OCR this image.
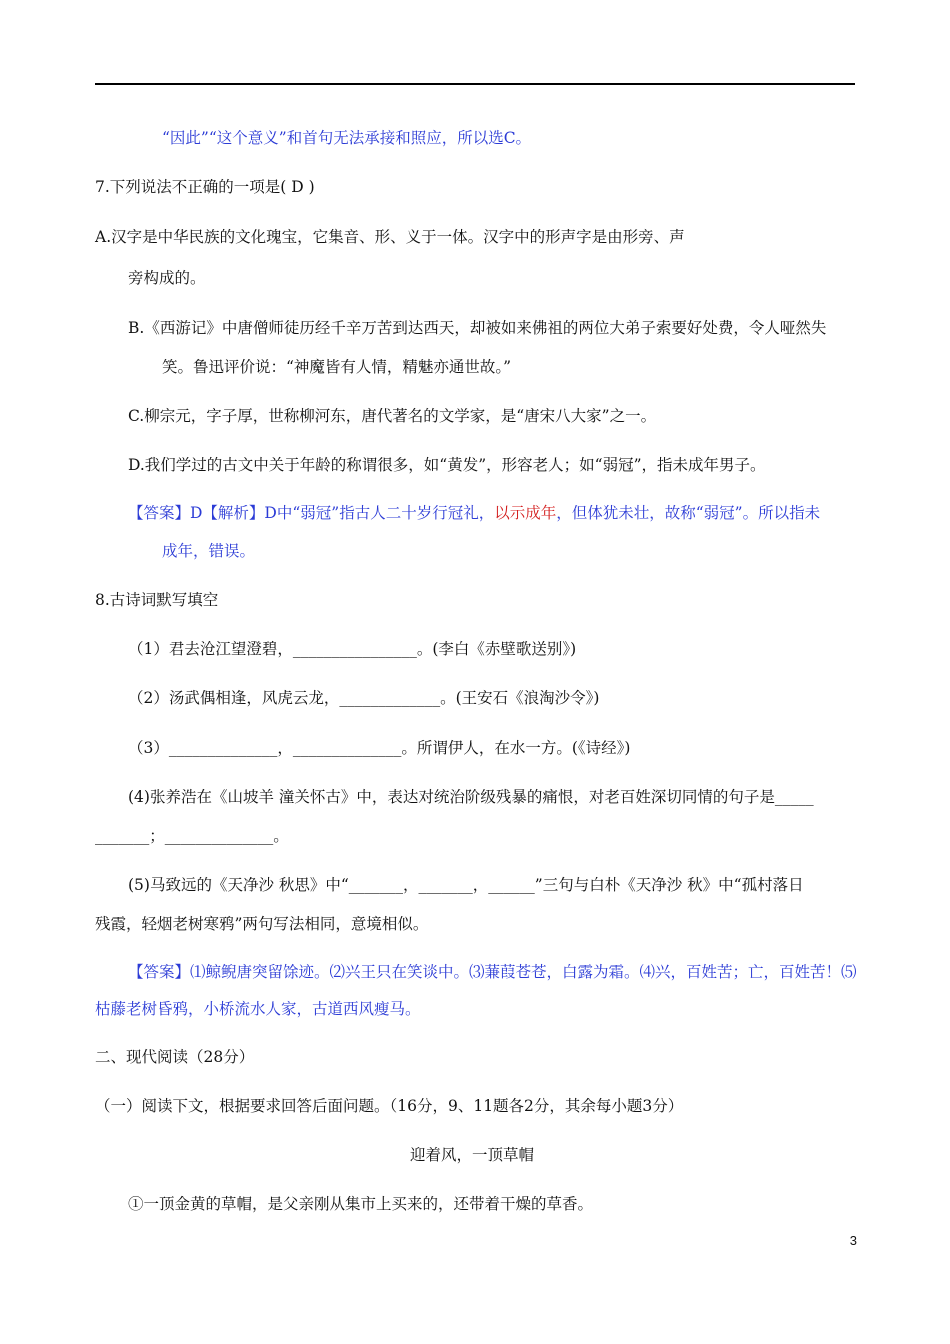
“因此”“这个意义”和首句无法承接和照应，所以选C。
7.下列说法不正确的一项是( D )
A.汉字是中华民族的文化瑰宝，它集音、形、义于一体。汉字中的形声字是由形旁、声
旁构成的。
B.《西游记》中唐僧师徒历经千辛万苦到达西天，却被如来佛祖的两位大弟子索要好处费，令人哑然失
笑。鲁迅评价说：“神魔皆有人情，精魅亦通世故。”
C.柳宗元，字子厚，世称柳河东，唐代著名的文学家，是“唐宋八大家”之一。
D.我们学过的古文中关于年龄的称谓很多，如“黄发”，形容老人；如“弱冠”，指未成年男子。
【答案】D【解析】D中“弱冠”指古人二十岁行冠礼，以示成年，但体犹未壮，故称“弱冠”。所以指未
成年，错误。
8.古诗词默写填空
（1）君去沧江望澄碧，________________。(李白《赤壁歌送别》)
（2）汤武偶相逢，风虎云龙，_____________。(王安石《浪淘沙令》)
（3）______________，______________。所谓伊人，在水一方。(《诗经》)
(4)张养浩在《山坡羊 潼关怀古》中，表达对统治阶级残暴的痛恨，对老百姓深切同情的句子是_____
_______；______________。
(5)马致远的《天净沙 秋思》中“_______，_______，______”三句与白朴《天净沙 秋》中“孤村落日
残霞，轻烟老树寒鸦”两句写法相同，意境相似。
【答案】⑴鲸鲵唐突留馀迹。⑵兴王只在笑谈中。⑶蒹葭苍苍，白露为霜。⑷兴，百姓苦；亡，百姓苦！⑸
枯藤老树昏鸦，小桥流水人家，古道西风瘦马。
二、现代阅读（28分）
（一）阅读下文，根据要求回答后面问题。（16分，9、11题各2分，其余每小题3分）
迎着风，一顶草帽
①一顶金黄的草帽，是父亲刚从集市上买来的，还带着干燥的草香。
3
